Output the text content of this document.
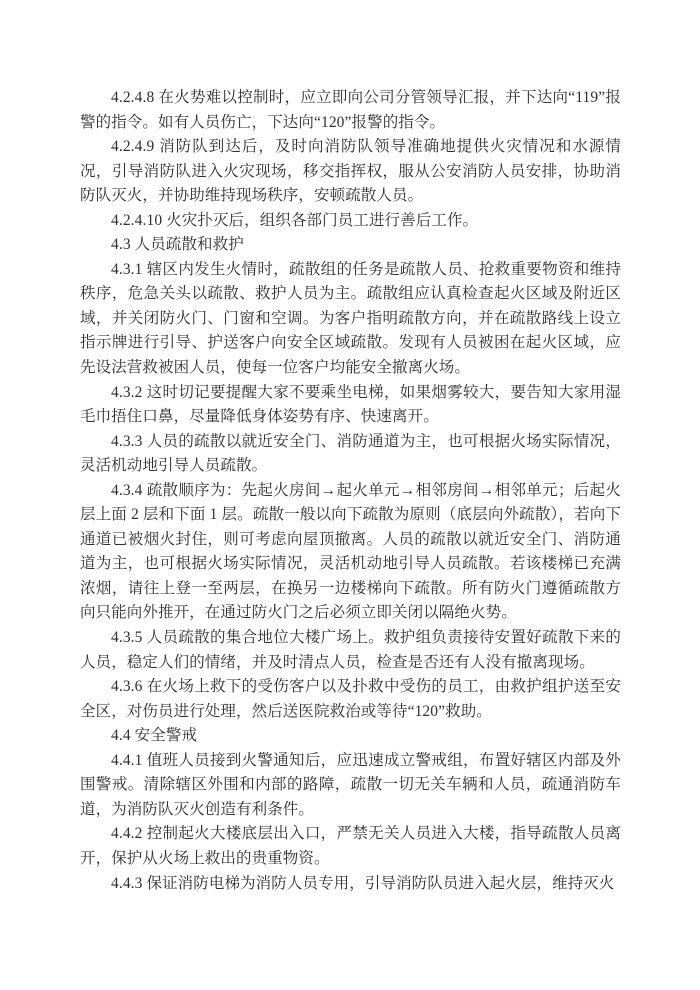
4.2.4.8 在火势难以控制时，应立即向公司分管领导汇报，并下达向“119”报警的指令。如有人员伤亡，下达向“120”报警的指令。

4.2.4.9 消防队到达后，及时向消防队领导准确地提供火灾情况和水源情况，引导消防队进入火灾现场，移交指挥权，服从公安消防人员安排，协助消防队灭火，并协助维持现场秩序，安顿疏散人员。

4.2.4.10 火灾扑灭后，组织各部门员工进行善后工作。

4.3 人员疏散和救护

4.3.1 辖区内发生火情时，疏散组的任务是疏散人员、抢救重要物资和维持秩序，危急关头以疏散、救护人员为主。疏散组应认真检查起火区域及附近区域，并关闭防火门、门窗和空调。为客户指明疏散方向，并在疏散路线上设立指示牌进行引导、护送客户向安全区域疏散。发现有人员被困在起火区域，应先设法营救被困人员，使每一位客户均能安全撤离火场。

4.3.2 这时切记要提醒大家不要乘坐电梯，如果烟雾较大，要告知大家用湿毛巾捂住口鼻，尽量降低身体姿势有序、快速离开。

4.3.3 人员的疏散以就近安全门、消防通道为主，也可根据火场实际情况，灵活机动地引导人员疏散。

4.3.4 疏散顺序为：先起火房间→起火单元→相邻房间→相邻单元；后起火层上面 2 层和下面 1 层。疏散一般以向下疏散为原则（底层向外疏散），若向下通道已被烟火封住，则可考虑向屋顶撤离。人员的疏散以就近安全门、消防通道为主，也可根据火场实际情况，灵活机动地引导人员疏散。若该楼梯已充满浓烟，请往上登一至两层，在换另一边楼梯向下疏散。所有防火门遵循疏散方向只能向外推开，在通过防火门之后必须立即关闭以隔绝火势。

4.3.5 人员疏散的集合地位大楼广场上。救护组负责接待安置好疏散下来的人员，稳定人们的情绪，并及时清点人员，检查是否还有人没有撤离现场。

4.3.6 在火场上救下的受伤客户以及扑救中受伤的员工，由救护组护送至安全区，对伤员进行处理，然后送医院救治或等待“120”救助。

4.4 安全警戒

4.4.1 值班人员接到火警通知后，应迅速成立警戒组，布置好辖区内部及外围警戒。清除辖区外围和内部的路障，疏散一切无关车辆和人员，疏通消防车道，为消防队灭火创造有利条件。

4.4.2 控制起火大楼底层出入口，严禁无关人员进入大楼，指导疏散人员离开，保护从火场上救出的贵重物资。

4.4.3 保证消防电梯为消防人员专用，引导消防队员进入起火层，维持灭火
